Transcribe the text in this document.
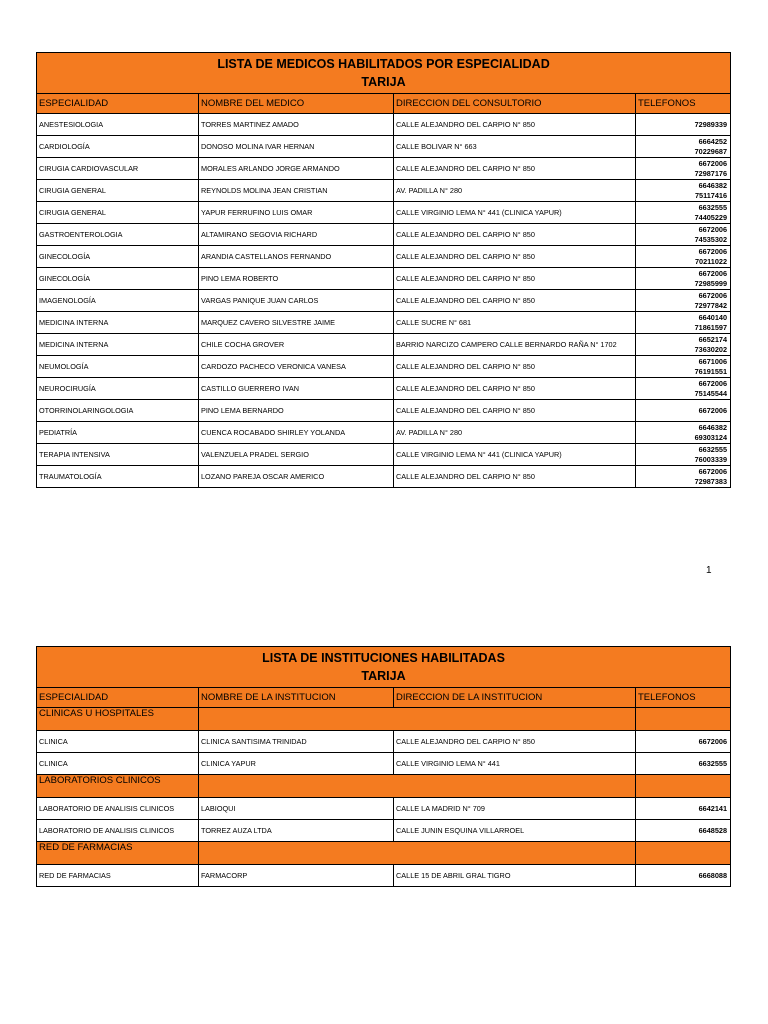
LISTA DE MEDICOS HABILITADOS POR ESPECIALIDAD
TARIJA			

ESPECIALIDAD	NOMBRE DEL MEDICO	DIRECCION DEL CONSULTORIO	TELEFONOS
ANESTESIOLOGIA	TORRES MARTINEZ AMADO	CALLE ALEJANDRO DEL CARPIO N° 850	72989339

CARDIOLOGÍA	DONOSO MOLINA IVAR HERNAN	CALLE BOLIVAR N° 663	6664252
70229687

CIRUGIA CARDIOVASCULAR	MORALES ARLANDO JORGE ARMANDO	CALLE ALEJANDRO DEL CARPIO N° 850	6672006
72987176

CIRUGIA GENERAL	REYNOLDS MOLINA JEAN CRISTIAN	AV. PADILLA N° 280	6646382
75117416

CIRUGIA GENERAL	YAPUR FERRUFINO LUIS OMAR	CALLE VIRGINIO LEMA N° 441 (CLINICA YAPUR)	6632555
74405229

GASTROENTEROLOGIA	ALTAMIRANO SEGOVIA RICHARD	CALLE ALEJANDRO DEL CARPIO N° 850	6672006
74535302

GINECOLOGÍA	ARANDIA CASTELLANOS FERNANDO	CALLE ALEJANDRO DEL CARPIO N° 850	6672006
70211022

GINECOLOGÍA	PINO LEMA ROBERTO	CALLE ALEJANDRO DEL CARPIO N° 850	6672006
72985999

IMAGENOLOGÍA	VARGAS PANIQUE JUAN CARLOS	CALLE ALEJANDRO DEL CARPIO N° 850	6672006
72977842

MEDICINA INTERNA	MARQUEZ CAVERO SILVESTRE JAIME	CALLE SUCRE N° 681	6640140
71861597

MEDICINA INTERNA	CHILE COCHA GROVER	BARRIO NARCIZO CAMPERO CALLE BERNARDO RAÑA N° 1702	6652174
73630202

NEUMOLOGÍA	CARDOZO PACHECO VERONICA VANESA	CALLE ALEJANDRO DEL CARPIO N° 850	6671006
76191551

NEUROCIRUGÍA	CASTILLO GUERRERO IVAN	CALLE ALEJANDRO DEL CARPIO N° 850	6672006
75145544

OTORRINOLARINGOLOGIA	PINO LEMA BERNARDO	CALLE ALEJANDRO DEL CARPIO N° 850	6672006

PEDIATRÍA	CUENCA ROCABADO SHIRLEY YOLANDA	AV. PADILLA N° 280	6646382
69303124

TERAPIA INTENSIVA	VALENZUELA PRADEL SERGIO	CALLE VIRGINIO LEMA N° 441 (CLINICA YAPUR)	6632555
76003339

TRAUMATOLOGÍA	LOZANO PAREJA OSCAR AMERICO	CALLE ALEJANDRO DEL CARPIO N° 850	6672006
72987383
1
LISTA DE INSTITUCIONES HABILITADAS
TARIJA			

ESPECIALIDAD	NOMBRE DE LA INSTITUCION	DIRECCION DE LA INSTITUCION	TELEFONOS
CLINICAS U HOSPITALES			
CLINICA	CLINICA SANTISIMA TRINIDAD	CALLE ALEJANDRO DEL CARPIO N° 850	6672006
CLINICA	CLINICA YAPUR	CALLE VIRGINIO LEMA N° 441	6632555
LABORATORIOS CLINICOS			
LABORATORIO DE ANALISIS CLINICOS	LABIOQUI	CALLE LA MADRID N° 709	6642141
LABORATORIO DE ANALISIS CLINICOS	TORREZ AUZA LTDA	CALLE JUNIN ESQUINA VILLARROEL	6648528
RED DE FARMACIAS			
RED DE FARMACIAS	FARMACORP	CALLE 15 DE ABRIL GRAL TIGRO	6668088
